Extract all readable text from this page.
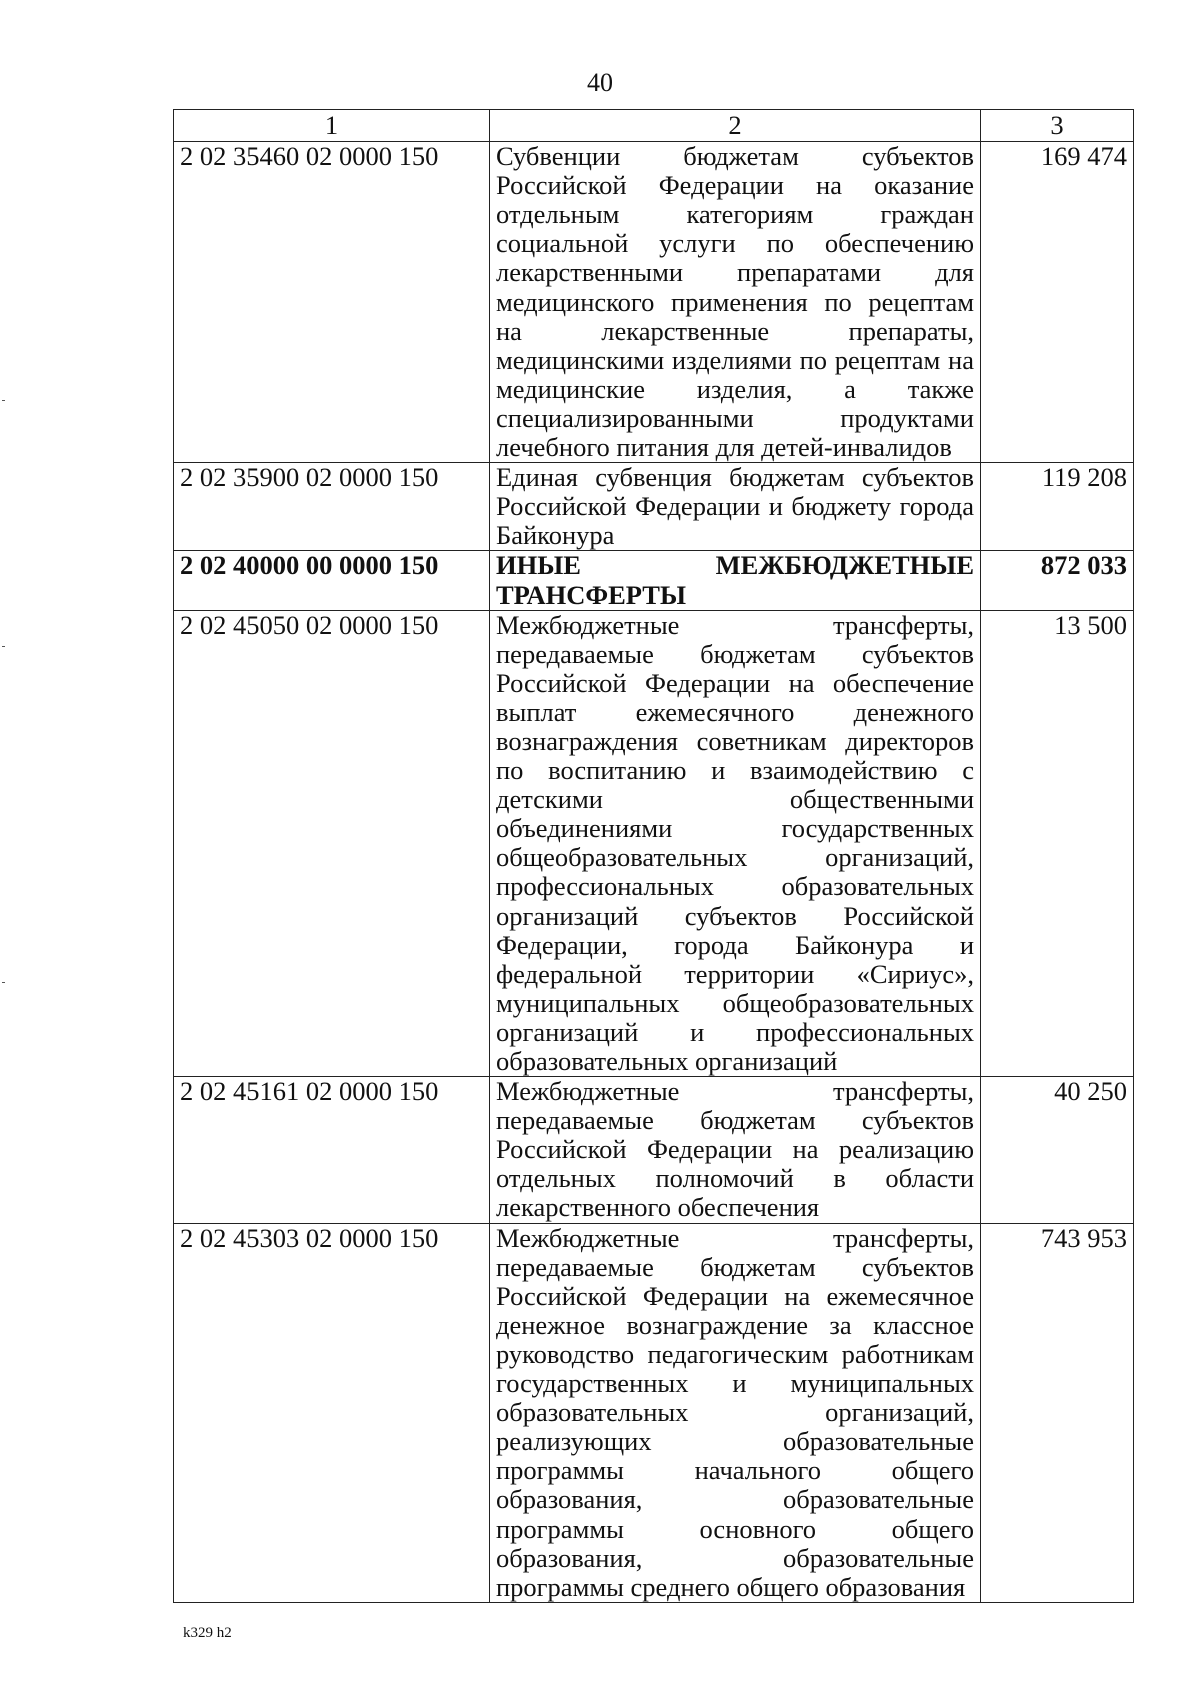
40
1	2	3
2 02 35460 02 0000 150	Субвенции бюджетам субъектов Российской Федерации на оказание отдельным категориям граждан социальной услуги по обеспечению лекарственными препаратами для медицинского применения по рецептам на лекарственные препараты, медицинскими изделиями по рецептам на медицинские изделия, а также специализированными продуктами лечебного питания для детей-инвалидов	169 474
2 02 35900 02 0000 150	Единая субвенция бюджетам субъектов Российской Федерации и бюджету города Байконура	119 208
2 02 40000 00 0000 150	ИНЫЕ МЕЖБЮДЖЕТНЫЕ ТРАНСФЕРТЫ	872 033
2 02 45050 02 0000 150	Межбюджетные трансферты, передаваемые бюджетам субъектов Российской Федерации на обеспечение выплат ежемесячного денежного вознаграждения советникам директоров по воспитанию и взаимодействию с детскими общественными объединениями государственных общеобразовательных организаций, профессиональных образовательных организаций субъектов Российской Федерации, города Байконура и федеральной территории «Сириус», муниципальных общеобразовательных организаций и профессиональных образовательных организаций	13 500
2 02 45161 02 0000 150	Межбюджетные трансферты, передаваемые бюджетам субъектов Российской Федерации на реализацию отдельных полномочий в области лекарственного обеспечения	40 250
2 02 45303 02 0000 150	Межбюджетные трансферты, передаваемые бюджетам субъектов Российской Федерации на ежемесячное денежное вознаграждение за классное руководство педагогическим работникам государственных и муниципальных образовательных организаций, реализующих образовательные программы начального общего образования, образовательные программы основного общего образования, образовательные программы среднего общего образования	743 953
k329 h2
